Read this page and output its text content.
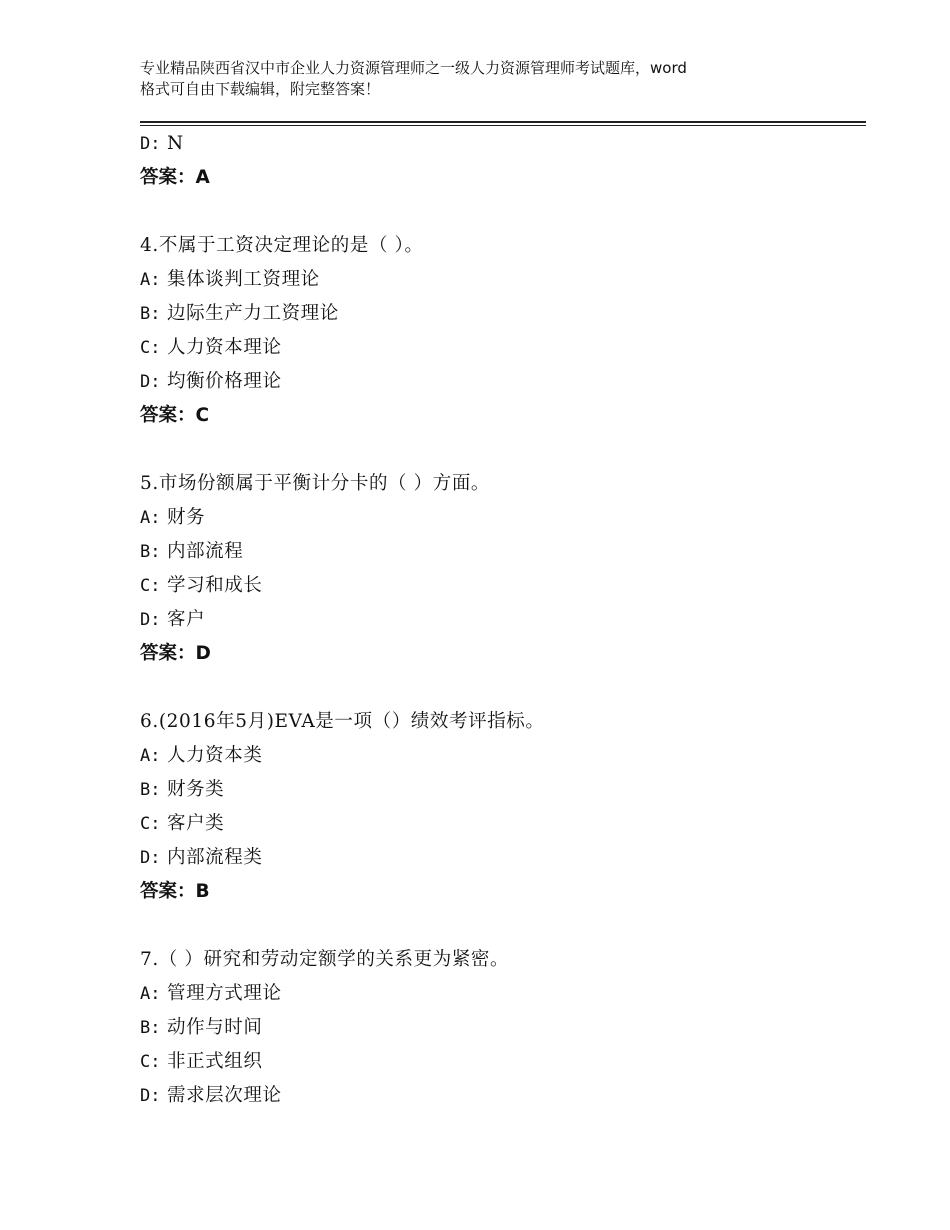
专业精品陕西省汉中市企业人力资源管理师之一级人力资源管理师考试题库，word
格式可自由下载编辑，附完整答案！
D: N
答案：A
4.不属于工资决定理论的是（ ）。
A: 集体谈判工资理论
B: 边际生产力工资理论
C: 人力资本理论
D: 均衡价格理论
答案：C
5.市场份额属于平衡计分卡的（ ）方面。
A: 财务
B: 内部流程
C: 学习和成长
D: 客户
答案：D
6.(2016年5月)EVA是一项（）绩效考评指标。
A: 人力资本类
B: 财务类
C: 客户类
D: 内部流程类
答案：B
7.（ ）研究和劳动定额学的关系更为紧密。
A: 管理方式理论
B: 动作与时间
C: 非正式组织
D: 需求层次理论
